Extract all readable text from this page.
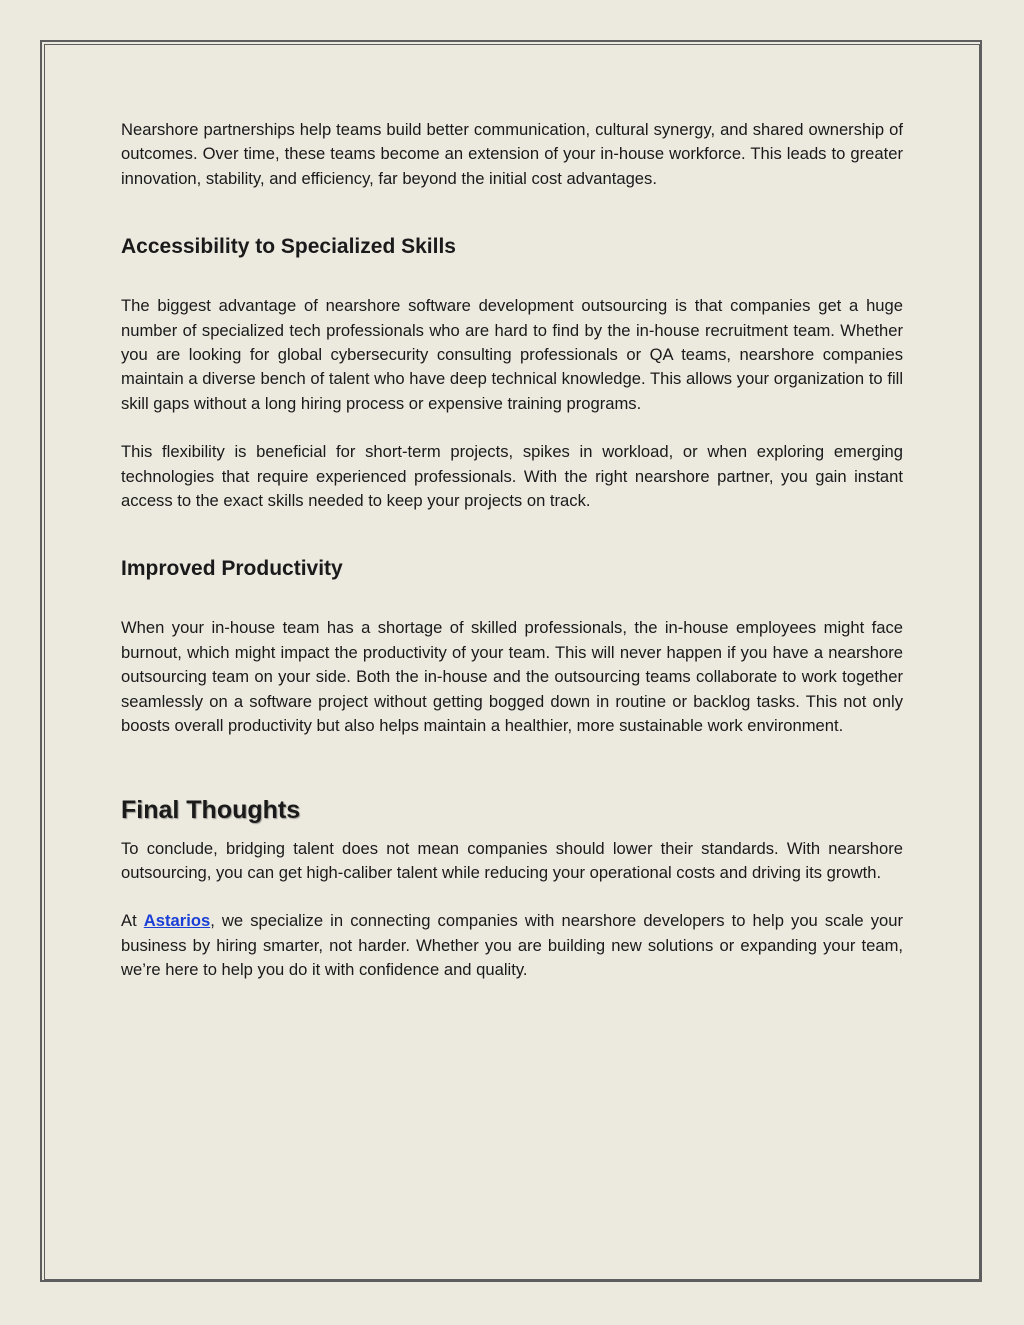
Nearshore partnerships help teams build better communication, cultural synergy, and shared ownership of outcomes. Over time, these teams become an extension of your in-house workforce. This leads to greater innovation, stability, and efficiency, far beyond the initial cost advantages.

Accessibility to Specialized Skills

The biggest advantage of nearshore software development outsourcing is that companies get a huge number of specialized tech professionals who are hard to find by the in-house recruitment team. Whether you are looking for global cybersecurity consulting professionals or QA teams, nearshore companies maintain a diverse bench of talent who have deep technical knowledge. This allows your organization to fill skill gaps without a long hiring process or expensive training programs.

This flexibility is beneficial for short-term projects, spikes in workload, or when exploring emerging technologies that require experienced professionals. With the right nearshore partner, you gain instant access to the exact skills needed to keep your projects on track.

Improved Productivity

When your in-house team has a shortage of skilled professionals, the in-house employees might face burnout, which might impact the productivity of your team. This will never happen if you have a nearshore outsourcing team on your side. Both the in-house and the outsourcing teams collaborate to work together seamlessly on a software project without getting bogged down in routine or backlog tasks. This not only boosts overall productivity but also helps maintain a healthier, more sustainable work environment.

Final Thoughts

To conclude, bridging talent does not mean companies should lower their standards. With nearshore outsourcing, you can get high-caliber talent while reducing your operational costs and driving its growth.

At Astarios, we specialize in connecting companies with nearshore developers to help you scale your business by hiring smarter, not harder. Whether you are building new solutions or expanding your team, we’re here to help you do it with confidence and quality.
